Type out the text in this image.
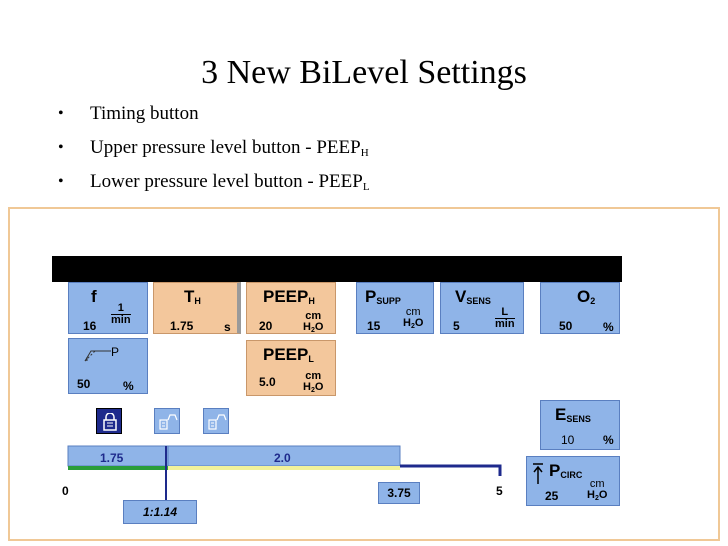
3 New BiLevel Settings
• Timing button
• Upper pressure level button - $PEEP_H$
• Lower pressure level button - $PEEP_L$
f
1
min
16
$T_H$
1.75	s
$PEEP_H$
20
cm
$H_2O$
$P_{SUPP}$
15
cm
$H_2O$
$V_{SENS}$
5
L
min
$O_2$
50	%
P
50	%
$PEEP_L$
5.0	cm
$H_2O$
$E_{SENS}$
10 %
$P_{CIRC}$
25
cm
$H_2O$
1.75	2.0
0	5
3.75
1:1.14
